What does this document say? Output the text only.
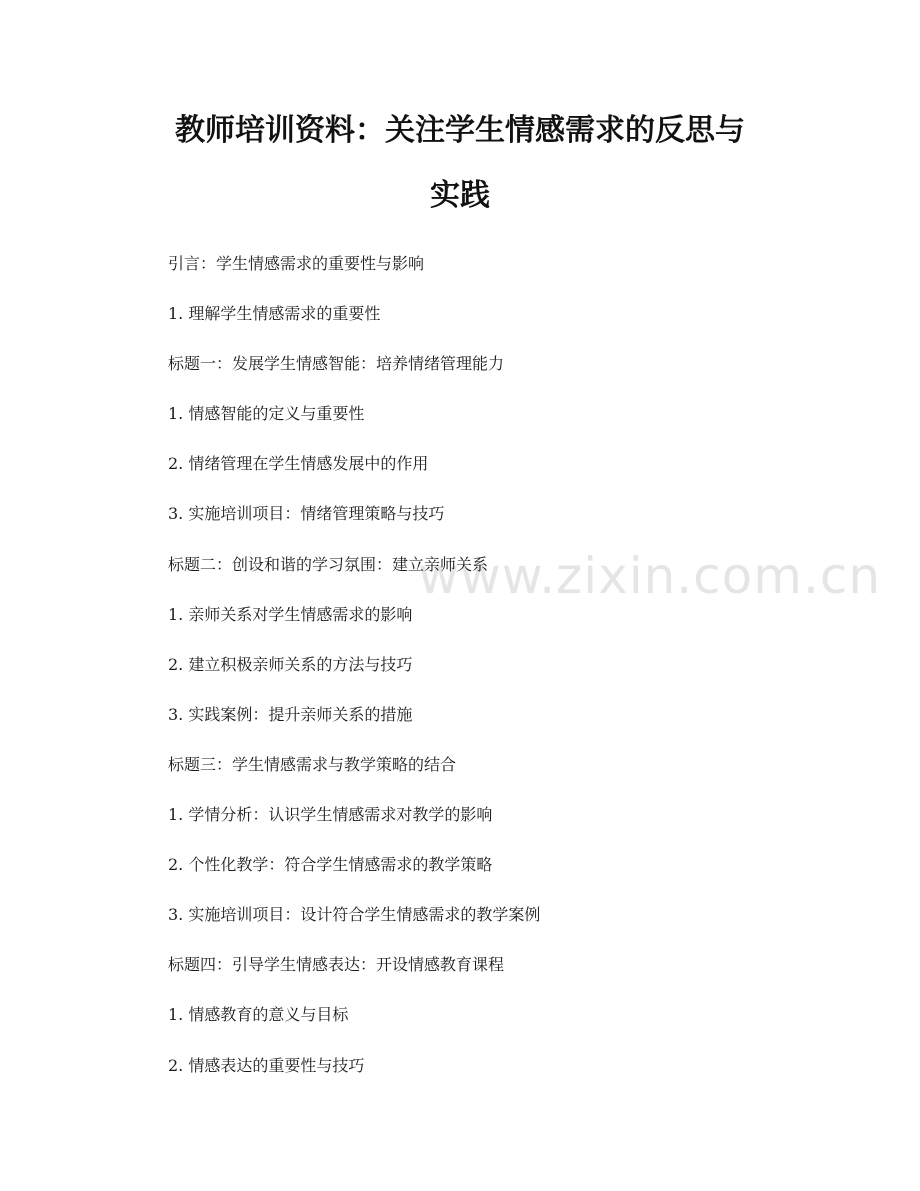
教师培训资料：关注学生情感需求的反思与
实践
引言：学生情感需求的重要性与影响
1. 理解学生情感需求的重要性
标题一：发展学生情感智能：培养情绪管理能力
1. 情感智能的定义与重要性
2. 情绪管理在学生情感发展中的作用
3. 实施培训项目：情绪管理策略与技巧
标题二：创设和谐的学习氛围：建立亲师关系
1. 亲师关系对学生情感需求的影响
2. 建立积极亲师关系的方法与技巧
3. 实践案例：提升亲师关系的措施
标题三：学生情感需求与教学策略的结合
1. 学情分析：认识学生情感需求对教学的影响
2. 个性化教学：符合学生情感需求的教学策略
3. 实施培训项目：设计符合学生情感需求的教学案例
标题四：引导学生情感表达：开设情感教育课程
1. 情感教育的意义与目标
2. 情感表达的重要性与技巧
www.zixin.com.cn
